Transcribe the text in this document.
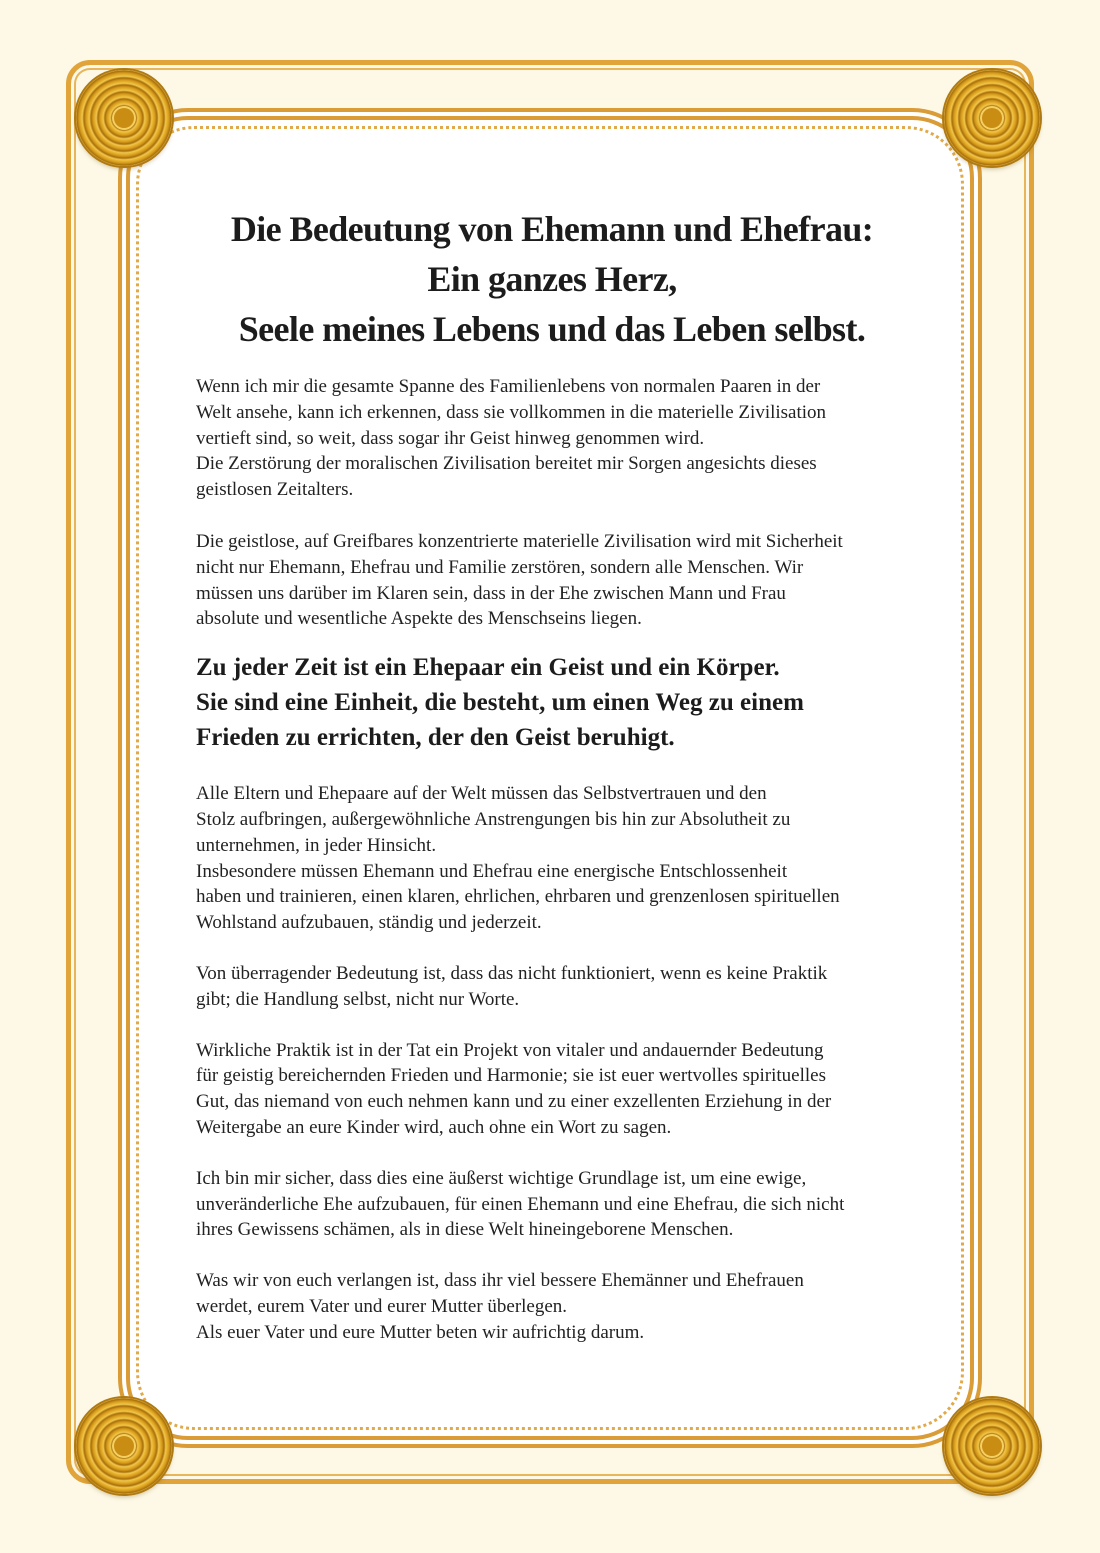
Die Bedeutung von Ehemann und Ehefrau:
Ein ganzes Herz,
Seele meines Lebens und das Leben selbst.

Wenn ich mir die gesamte Spanne des Familienlebens von normalen Paaren in der
Welt ansehe, kann ich erkennen, dass sie vollkommen in die materielle Zivilisation
vertieft sind, so weit, dass sogar ihr Geist hinweg genommen wird.
Die Zerstörung der moralischen Zivilisation bereitet mir Sorgen angesichts dieses
geistlosen Zeitalters.

Die geistlose, auf Greifbares konzentrierte materielle Zivilisation wird mit Sicherheit
nicht nur Ehemann, Ehefrau und Familie zerstören, sondern alle Menschen. Wir
müssen uns darüber im Klaren sein, dass in der Ehe zwischen Mann und Frau
absolute und wesentliche Aspekte des Menschseins liegen.

Zu jeder Zeit ist ein Ehepaar ein Geist und ein Körper.
Sie sind eine Einheit, die besteht, um einen Weg zu einem
Frieden zu errichten, der den Geist beruhigt.

Alle Eltern und Ehepaare auf der Welt müssen das Selbstvertrauen und den
Stolz aufbringen, außergewöhnliche Anstrengungen bis hin zur Absolutheit zu
unternehmen, in jeder Hinsicht.
Insbesondere müssen Ehemann und Ehefrau eine energische Entschlossenheit
haben und trainieren, einen klaren, ehrlichen, ehrbaren und grenzenlosen spirituellen
Wohlstand aufzubauen, ständig und jederzeit.

Von überragender Bedeutung ist, dass das nicht funktioniert, wenn es keine Praktik
gibt; die Handlung selbst, nicht nur Worte.

Wirkliche Praktik ist in der Tat ein Projekt von vitaler und andauernder Bedeutung
für geistig bereichernden Frieden und Harmonie; sie ist euer wertvolles spirituelles
Gut, das niemand von euch nehmen kann und zu einer exzellenten Erziehung in der
Weitergabe an eure Kinder wird, auch ohne ein Wort zu sagen.

Ich bin mir sicher, dass dies eine äußerst wichtige Grundlage ist, um eine ewige,
unveränderliche Ehe aufzubauen, für einen Ehemann und eine Ehefrau, die sich nicht
ihres Gewissens schämen, als in diese Welt hineingeborene Menschen.

Was wir von euch verlangen ist, dass ihr viel bessere Ehemänner und Ehefrauen
werdet, eurem Vater und eurer Mutter überlegen.
Als euer Vater und eure Mutter beten wir aufrichtig darum.
